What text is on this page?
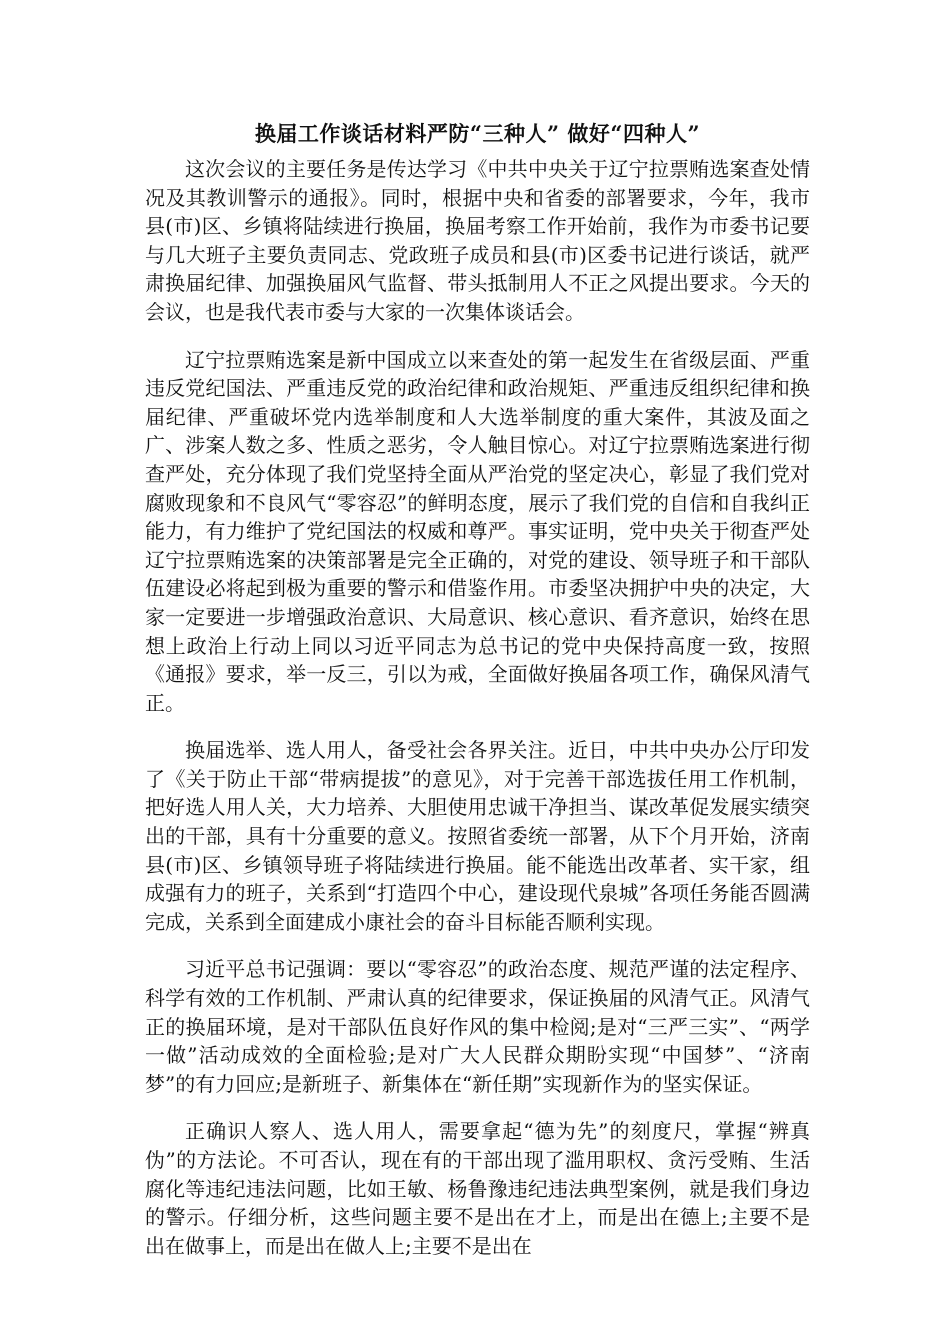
换届工作谈话材料严防“三种人” 做好“四种人”

这次会议的主要任务是传达学习《中共中央关于辽宁拉票贿选案查处情况及其教训警示的通报》。同时，根据中央和省委的部署要求，今年，我市县(市)区、乡镇将陆续进行换届，换届考察工作开始前，我作为市委书记要与几大班子主要负责同志、党政班子成员和县(市)区委书记进行谈话，就严肃换届纪律、加强换届风气监督、带头抵制用人不正之风提出要求。今天的会议，也是我代表市委与大家的一次集体谈话会。

辽宁拉票贿选案是新中国成立以来查处的第一起发生在省级层面、严重违反党纪国法、严重违反党的政治纪律和政治规矩、严重违反组织纪律和换届纪律、严重破坏党内选举制度和人大选举制度的重大案件，其波及面之广、涉案人数之多、性质之恶劣，令人触目惊心。对辽宁拉票贿选案进行彻查严处，充分体现了我们党坚持全面从严治党的坚定决心，彰显了我们党对腐败现象和不良风气“零容忍”的鲜明态度，展示了我们党的自信和自我纠正能力，有力维护了党纪国法的权威和尊严。事实证明，党中央关于彻查严处辽宁拉票贿选案的决策部署是完全正确的，对党的建设、领导班子和干部队伍建设必将起到极为重要的警示和借鉴作用。市委坚决拥护中央的决定，大家一定要进一步增强政治意识、大局意识、核心意识、看齐意识，始终在思想上政治上行动上同以习近平同志为总书记的党中央保持高度一致，按照《通报》要求，举一反三，引以为戒，全面做好换届各项工作，确保风清气正。

换届选举、选人用人，备受社会各界关注。近日，中共中央办公厅印发了《关于防止干部“带病提拔”的意见》，对于完善干部选拔任用工作机制，把好选人用人关，大力培养、大胆使用忠诚干净担当、谋改革促发展实绩突出的干部，具有十分重要的意义。按照省委统一部署，从下个月开始，济南县(市)区、乡镇领导班子将陆续进行换届。能不能选出改革者、实干家，组成强有力的班子，关系到“打造四个中心，建设现代泉城”各项任务能否圆满完成，关系到全面建成小康社会的奋斗目标能否顺利实现。

习近平总书记强调：要以“零容忍”的政治态度、规范严谨的法定程序、科学有效的工作机制、严肃认真的纪律要求，保证换届的风清气正。风清气正的换届环境，是对干部队伍良好作风的集中检阅;是对“三严三实”、“两学一做”活动成效的全面检验;是对广大人民群众期盼实现“中国梦”、“济南梦”的有力回应;是新班子、新集体在“新任期”实现新作为的坚实保证。

正确识人察人、选人用人，需要拿起“德为先”的刻度尺，掌握“辨真伪”的方法论。不可否认，现在有的干部出现了滥用职权、贪污受贿、生活腐化等违纪违法问题，比如王敏、杨鲁豫违纪违法典型案例，就是我们身边的警示。仔细分析，这些问题主要不是出在才上，而是出在德上;主要不是出在做事上，而是出在做人上;主要不是出在
